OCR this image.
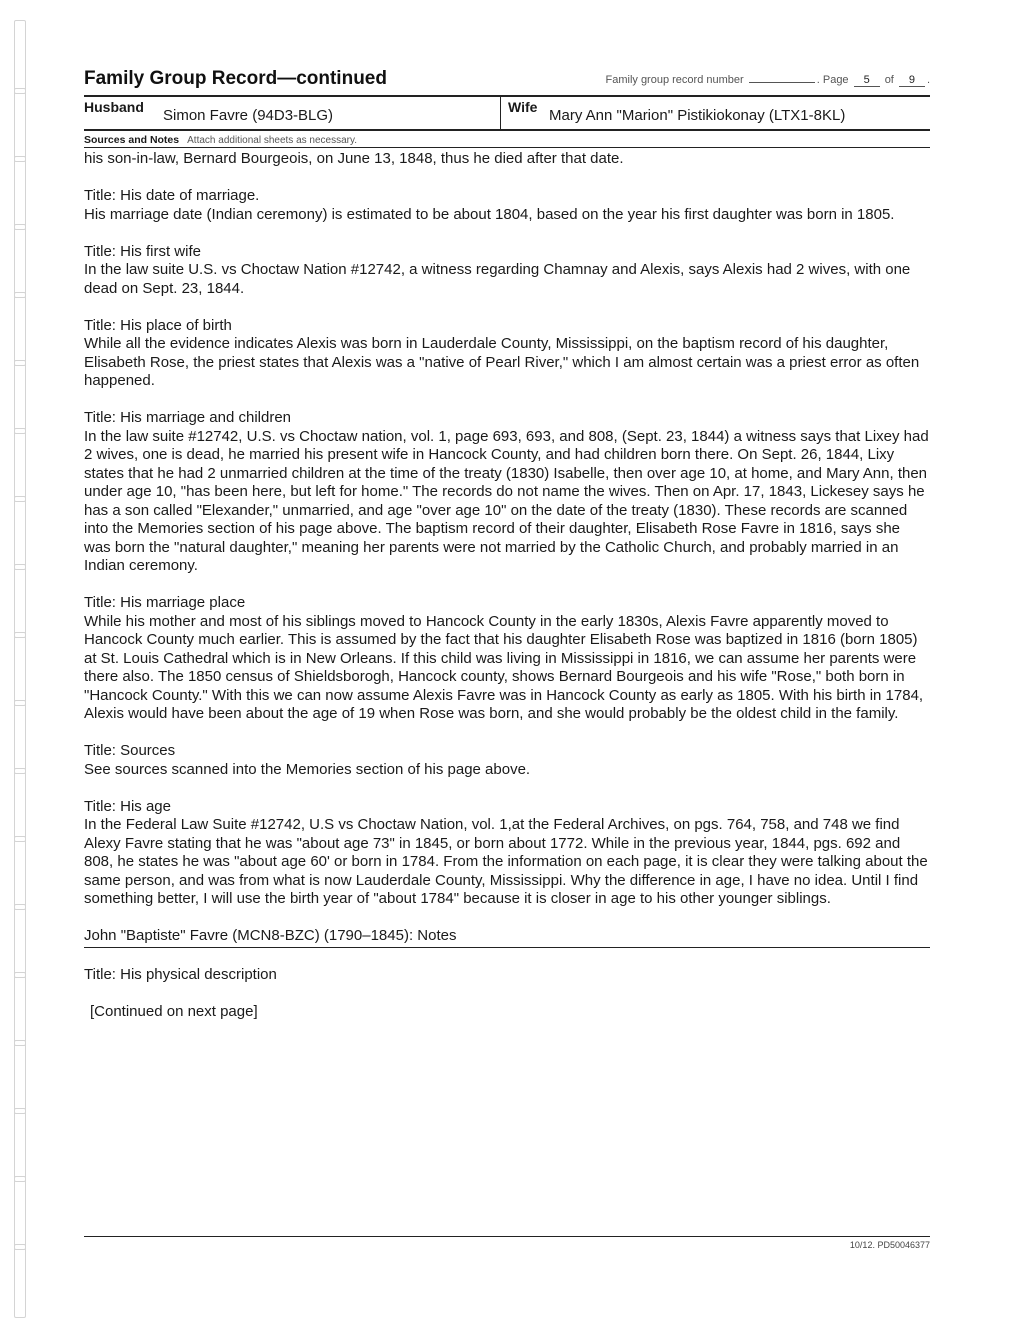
Family Group Record—continued	Family group record number	. Page 5 of 9 .
Husband Simon Favre (94D3-BLG)	Wife Mary Ann "Marion" Pistikiokonay (LTX1-8KL)
Sources and Notes Attach additional sheets as necessary.

his son-in-law, Bernard Bourgeois, on June 13, 1848, thus he died after that date.

Title: His date of marriage.

His marriage date (Indian ceremony) is estimated to be about 1804, based on the year his first daughter was born in 1805.

Title: His first wife

In the law suite U.S. vs Choctaw Nation #12742, a witness regarding Chamnay and Alexis, says Alexis had 2 wives, with one dead on Sept. 23, 1844.

Title: His place of birth

While all the evidence indicates Alexis was born in Lauderdale County, Mississippi, on the baptism record of his daughter, Elisabeth Rose, the priest states that Alexis was a "native of Pearl River," which I am almost certain was a priest error as often happened.

Title: His marriage and children

In the law suite #12742, U.S. vs Choctaw nation, vol. 1, page 693, 693, and 808, (Sept. 23, 1844) a witness says that Lixey had 2 wives, one is dead, he married his present wife in Hancock County, and had children born there. On Sept. 26, 1844, Lixy states that he had 2 unmarried children at the time of the treaty (1830) Isabelle, then over age 10, at home, and Mary Ann, then under age 10, "has been here, but left for home." The records do not name the wives. Then on Apr. 17, 1843, Lickesey says he has a son called "Elexander," unmarried, and age "over age 10" on the date of the treaty (1830). These records are scanned into the Memories section of his page above. The baptism record of their daughter, Elisabeth Rose Favre in 1816, says she was born the "natural daughter," meaning her parents were not married by the Catholic Church, and probably married in an Indian ceremony.

Title: His marriage place

While his mother and most of his siblings moved to Hancock County in the early 1830s, Alexis Favre apparently moved to Hancock County much earlier. This is assumed by the fact that his daughter Elisabeth Rose was baptized in 1816 (born 1805) at St. Louis Cathedral which is in New Orleans. If this child was living in Mississippi in 1816, we can assume her parents were there also. The 1850 census of Shieldsborogh, Hancock county, shows Bernard Bourgeois and his wife "Rose," both born in "Hancock County." With this we can now assume Alexis Favre was in Hancock County as early as 1805. With his birth in 1784, Alexis would have been about the age of 19 when Rose was born, and she would probably be the oldest child in the family.

Title: Sources

See sources scanned into the Memories section of his page above.

Title: His age

In the Federal Law Suite #12742, U.S vs Choctaw Nation, vol. 1,at the Federal Archives, on pgs. 764, 758, and 748 we find Alexy Favre stating that he was "about age 73" in 1845, or born about 1772. While in the previous year, 1844, pgs. 692 and 808, he states he was "about age 60' or born in 1784. From the information on each page, it is clear they were talking about the same person, and was from what is now Lauderdale County, Mississippi. Why the difference in age, I have no idea. Until I find something better, I will use the birth year of "about 1784" because it is closer in age to his other younger siblings.

John "Baptiste" Favre (MCN8-BZC) (1790–1845): Notes

Title: His physical description

[Continued on next page]

10/12. PD50046377
